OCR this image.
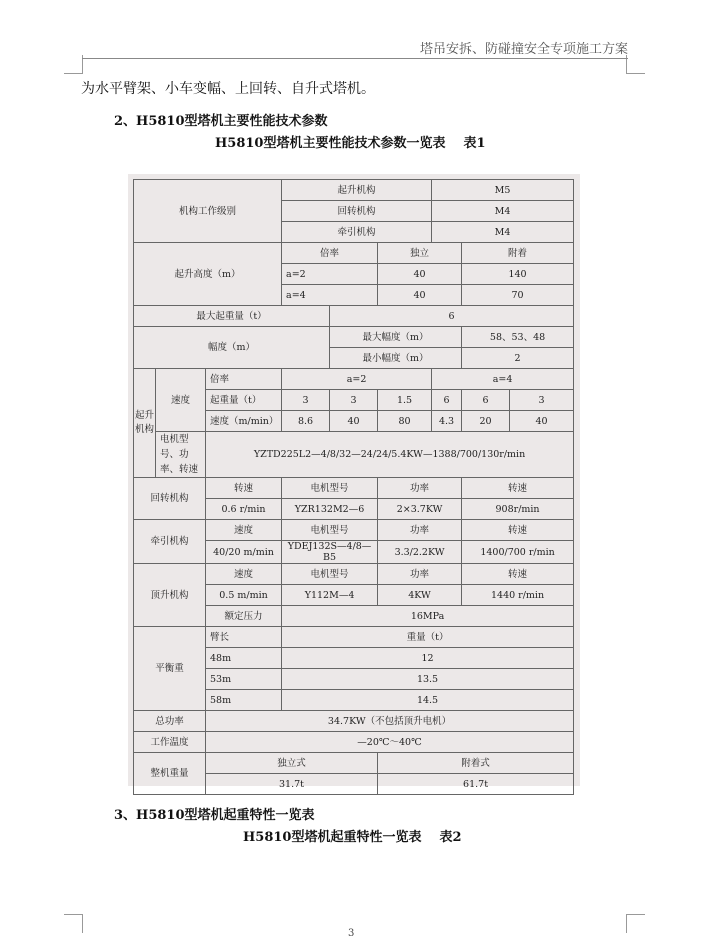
塔吊安拆、防碰撞安全专项施工方案
为水平臂架、小车变幅、上回转、自升式塔机。
2、H5810型塔机主要性能技术参数
H5810型塔机主要性能技术参数一览表 表1
机构工作级别			起升机构			M5		
			回转机构			M4		
			牵引机构			M4		
起升高度（m）			倍率		独立		附着	
			a=2		40		140	
			a=4		40		70	
最大起重量（t）				6				
幅度（m）				最大幅度（m）			58、53、48	
				最小幅度（m）			2	
起升机构	速度	倍率	a=2			a=4		
		起重量（t）	3	3	1.5	6	6	3
		速度（m/min）	8.6	40	80	4.3	20	40
	电机型号、功率、转速	YZTD225L2—4/8/32—24/24/5.4KW—1388/700/130r/min						
回转机构		转速	电机型号		功率		转速	
		0.6 r/min	YZR132M2—6		2×3.7KW		908r/min	
牵引机构		速度	电机型号		功率		转速	
		40/20 m/min	YDEJ132S—4/8—B5		3.3/2.2KW		1400/700 r/min	
顶升机构		速度	电机型号		功率		转速	
		0.5 m/min	Y112M—4		4KW		1440 r/min	
		额定压力	16MPa					
平衡重		臂长	重量（t）					
		48m	12					
		53m	13.5					
		58m	14.5					
总功率		34.7KW（不包括顶升电机）						
工作温度		—20℃～40℃						
整机重量		独立式			附着式			
		31.7t			61.7t			
3、H5810型塔机起重特性一览表
H5810型塔机起重特性一览表 表2
3
